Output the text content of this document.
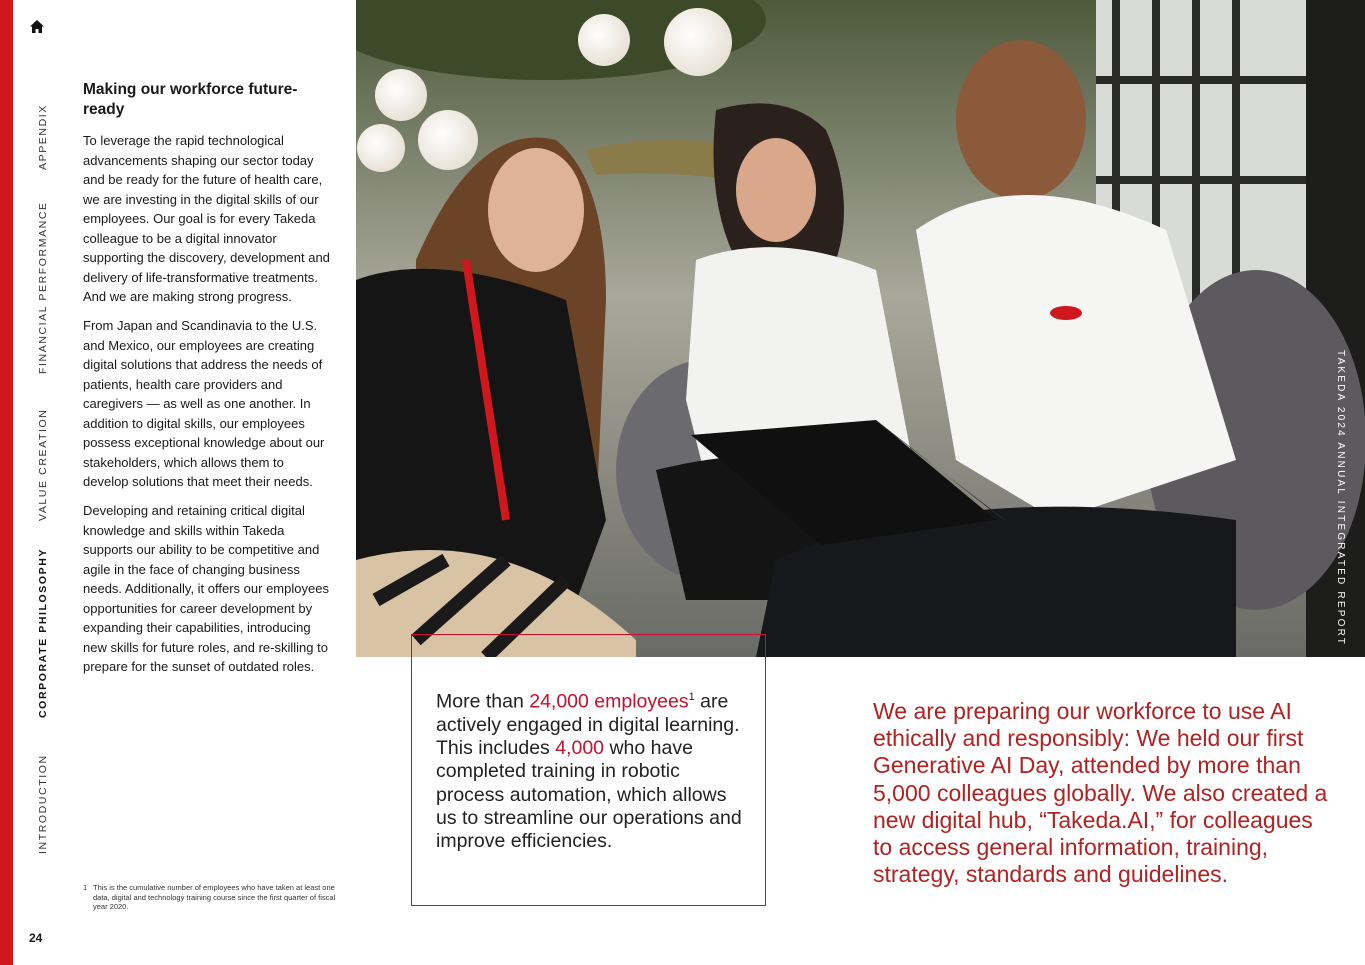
APPENDIX
FINANCIAL PERFORMANCE
VALUE CREATION
CORPORATE PHILOSOPHY
INTRODUCTION
24
Making our workforce future-ready

To leverage the rapid technological advancements shaping our sector today and be ready for the future of health care, we are investing in the digital skills of our employees. Our goal is for every Takeda colleague to be a digital innovator supporting the discovery, development and delivery of life-transformative treatments. And we are making strong progress.

From Japan and Scandinavia to the U.S. and Mexico, our employees are creating digital solutions that address the needs of patients, health care providers and caregivers — as well as one another. In addition to digital skills, our employees possess exceptional knowledge about our stakeholders, which allows them to develop solutions that meet their needs.

Developing and retaining critical digital knowledge and skills within Takeda supports our ability to be competitive and agile in the face of changing business needs. Additionally, it offers our employees opportunities for career development by expanding their capabilities, introducing new skills for future roles, and re-skilling to prepare for the sunset of outdated roles.

1 This is the cumulative number of employees who have taken at least one data, digital and technology training course since the first quarter of fiscal year 2020.
TAKEDA 2024 ANNUAL INTEGRATED REPORT
More than 24,000 employees$^1$ are actively engaged in digital learning. This includes 4,000 who have completed training in robotic process automation, which allows us to streamline our operations and improve efficiencies.
We are preparing our workforce to use AI ethically and responsibly: We held our first Generative AI Day, attended by more than 5,000 colleagues globally. We also created a new digital hub, “Takeda.AI,” for colleagues to access general information, training, strategy, standards and guidelines.
